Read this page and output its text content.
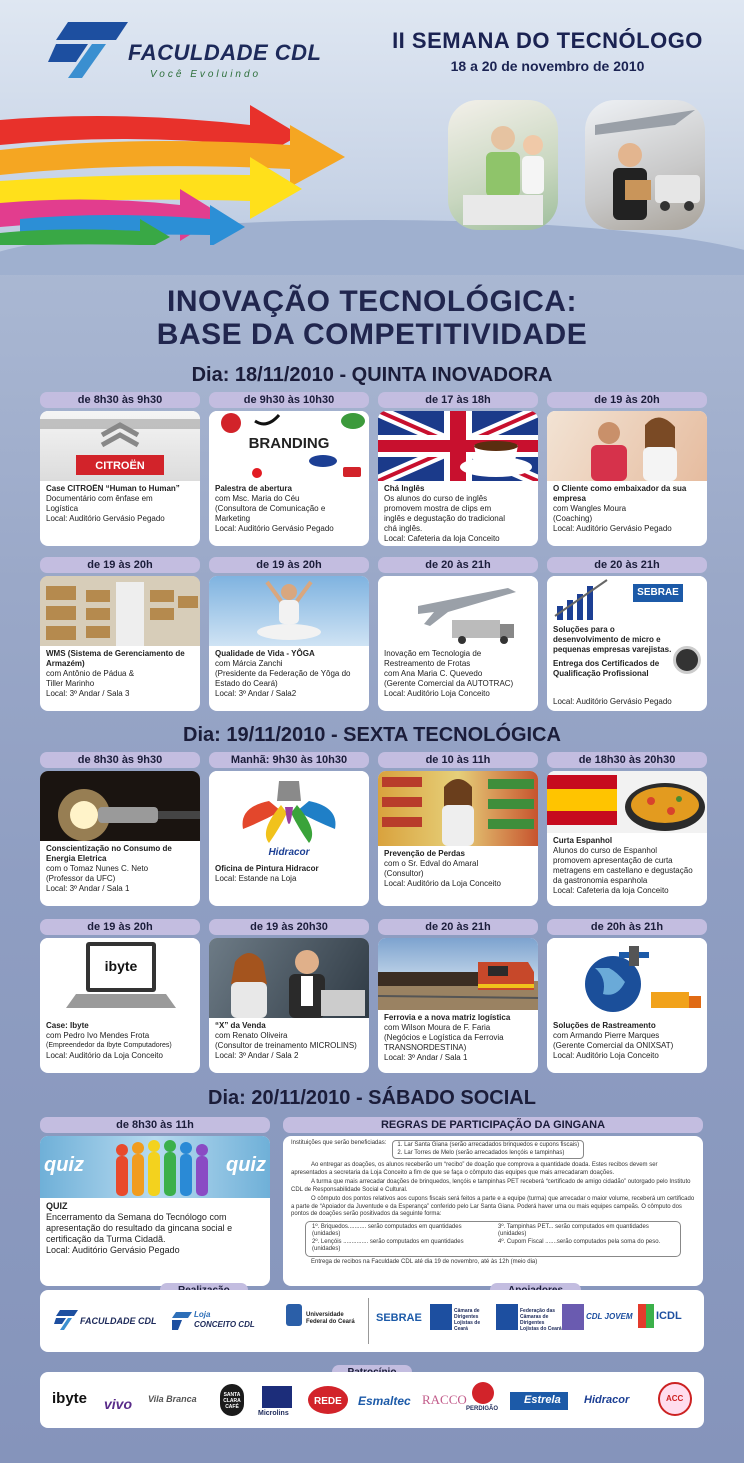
FACULDADE CDL
Você Evoluindo
II SEMANA DO TECNÓLOGO
18 a 20 de novembro de 2010
INOVAÇÃO TECNOLÓGICA:
BASE DA COMPETITIVIDADE
Dia: 18/11/2010 - QUINTA INOVADORA
de 8h30 às 9h30
CITROËN
Case CITROËN “Human to Human”
Documentário com ênfase em
Logística
Local: Auditório Gervásio Pegado
de 9h30 às 10h30
BRANDING
Palestra de abertura
com Msc. Maria do Céu
(Consultora de Comunicação e
Marketing
Local: Auditório Gervásio Pegado
de 17 às 18h
Chá Inglês
Os alunos do curso de inglês
promovem mostra de clips em
inglês e degustação do tradicional
chá inglês.
Local: Cafeteria da loja Conceito
de 19 às 20h
O Cliente como embaixador da sua empresa
com Wangles Moura
(Coaching)
Local: Auditório Gervásio Pegado
de 19 às 20h
WMS (Sistema de Gerenciamento de Armazém)
com Antônio de Pádua &
Tiller Marinho
Local: 3º Andar / Sala 3
de 19 às 20h
Qualidade de Vida - YÔGA
com Márcia Zanchi
(Presidente da Federação de Yôga do
Estado do Ceará)
Local: 3º Andar / Sala2
de 20 às 21h
Inovação em Tecnologia de
Restreamento de Frotas
com Ana Maria C. Quevedo
(Gerente Comercial da AUTOTRAC)
Local: Auditório Loja Conceito
de 20 às 21h
SEBRAE
Soluções para o desenvolvimento de micro e pequenas empresas varejistas.
Entrega dos Certificados de Qualificação Profissional
Local: Auditório Gervásio Pegado
Dia: 19/11/2010 - SEXTA TECNOLÓGICA
de 8h30 às 9h30
Conscientização no Consumo de Energia Eletrica
com o Tomaz Nunes C. Neto
(Professor da UFC)
Local: 3º Andar / Sala 1
Manhã: 9h30 às 10h30
Hidracor
Oficina de Pintura Hidracor
Local: Estande na Loja
de 10 às 11h
Prevenção de Perdas
com o Sr. Edval do Amaral
(Consultor)
Local: Auditório da Loja Conceito
de 18h30 às 20h30
Curta Espanhol
Alunos do curso de Espanhol
promovem apresentação de curta
metragens em castellano e degustação
da gastronomia espanhola
Local: Cafeteria da loja Conceito
de 19 às 20h
ibyte
Case: Ibyte
com Pedro Ivo Mendes Frota
(Empreendedor da Ibyte Computadores)
Local: Auditório da Loja Conceito
de 19 às 20h30
“X” da Venda
com Renato Oliveira
(Consultor de treinamento MICROLINS)
Local: 3º Andar / Sala 2
de 20 às 21h
Ferrovia e a nova matriz logística
com Wilson Moura de F. Faria
(Negócios e Logística da Ferrovia
TRANSNORDESTINA)
Local: 3º Andar / Sala 1
de 20h às 21h
Soluções de Rastreamento
com Armando Pierre Marques
(Gerente Comercial da ONIXSAT)
Local: Auditório Loja Conceito
Dia: 20/11/2010 - SÁBADO SOCIAL
de 8h30 às 11h
quiz	quiz
QUIZ
Encerramento da Semana do Tecnólogo com
apresentação do resultado da gincana social e
certificação da Turma Cidadã.
Local: Auditório Gervásio Pegado
REGRAS DE PARTICIPAÇÃO DA GINGANA
Instituições que serão beneficiadas: 1. Lar Santa Giana (serão arrecadados brinquedos e cupons fiscais)
2. Lar Torres de Melo (serão arrecadados lençóis e tampinhas)

Ao entregar as doações, os alunos receberão um “recibo” de doação que comprova a quantidade doada. Estes recibos devem ser apresentados a secretaria da Loja Conceito a fim de que se faça o cômputo das equipes que mais arrecadaram doações.

A turma que mais arrecadar doações de brinquedos, lençóis e tampinhas PET receberá “certificado de amigo cidadão” outorgado pelo Instituto CDL de Responsabilidade Social e Cultural.

O cômputo dos pontos relativos aos cupons fiscais será feitos a parte e a equipe (turma) que arrecadar o maior volume, receberá um certificado a parte de “Apoiador da Juventude e da Esperança” conferido pelo Lar Santa Giana. Poderá haver uma ou mais equipes campeãs. O cômputo dos pontos de doações serão positivados da seguinte forma:

1º. Briquedos........... serão computados em quantidades (unidades)
3º. Tampinhas PET... serão computados em quantidades (unidades)
2º. Lençóis ............... serão computados em quantidades (unidades)
4º. Cupom Fiscal .......serão computados pela soma do peso.

Entrega de recibos na Faculdade CDL até dia 19 de novembro, até às 12h (meio dia)

FACULDADE CDL
Loja
CONCEITO CDL
Universidade Federal do Ceará	SEBRAE
Câmara de Dirigentes Lojistas de Ceará
Federação das Câmaras de Dirigentes Lojistas do Ceará
CDL JOVEM ICDL
ibyte vivo Vila Branca	SANTA CLARA CAFÉ
Microlins
REDE Esmaltec RACCO
PERDIGÃO
Estrela Hidracor	ACC
